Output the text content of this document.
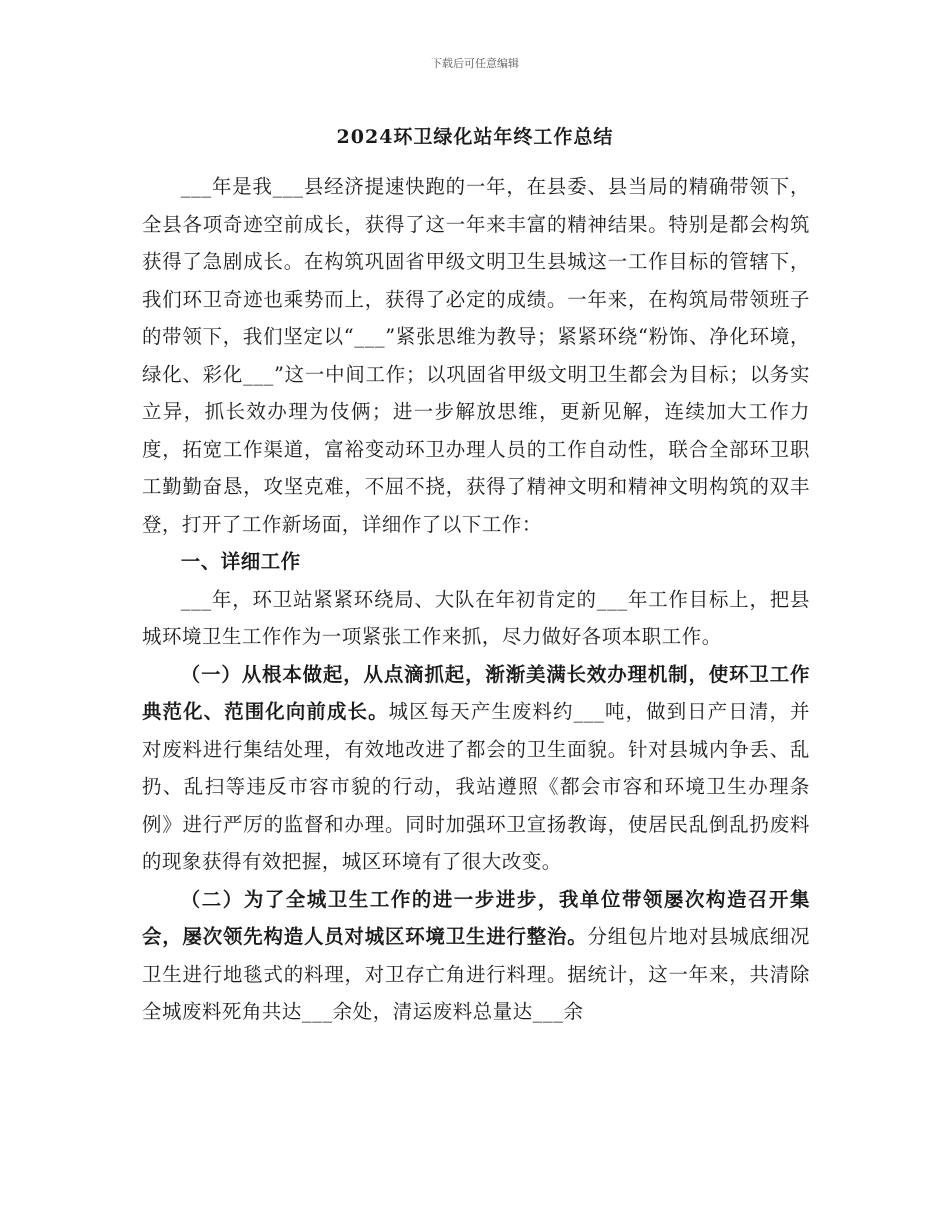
下载后可任意编辑
2024环卫绿化站年终工作总结

___年是我___县经济提速快跑的一年，在县委、县当局的精确带领下，全县各项奇迹空前成长，获得了这一年来丰富的精神结果。特别是都会构筑获得了急剧成长。在构筑巩固省甲级文明卫生县城这一工作目标的管辖下，我们环卫奇迹也乘势而上，获得了必定的成绩。一年来，在构筑局带领班子的带领下，我们坚定以“___”紧张思维为教导；紧紧环绕“粉饰、净化环境，绿化、彩化___”这一中间工作；以巩固省甲级文明卫生都会为目标；以务实立异，抓长效办理为伎俩；进一步解放思维，更新见解，连续加大工作力度，拓宽工作渠道，富裕变动环卫办理人员的工作自动性，联合全部环卫职工勤勤奋恳，攻坚克难，不屈不挠，获得了精神文明和精神文明构筑的双丰登，打开了工作新场面，详细作了以下工作：

一、详细工作

___年，环卫站紧紧环绕局、大队在年初肯定的___年工作目标上，把县城环境卫生工作作为一项紧张工作来抓，尽力做好各项本职工作。

（一）从根本做起，从点滴抓起，渐渐美满长效办理机制，使环卫工作典范化、范围化向前成长。城区每天产生废料约___吨，做到日产日清，并对废料进行集结处理，有效地改进了都会的卫生面貌。针对县城内争丢、乱扔、乱扫等违反市容市貌的行动，我站遵照《都会市容和环境卫生办理条例》进行严厉的监督和办理。同时加强环卫宣扬教诲，使居民乱倒乱扔废料的现象获得有效把握，城区环境有了很大改变。

（二）为了全城卫生工作的进一步进步，我单位带领屡次构造召开集会，屡次领先构造人员对城区环境卫生进行整治。分组包片地对县城底细况卫生进行地毯式的料理，对卫存亡角进行料理。据统计，这一年来，共清除全城废料死角共达___余处，清运废料总量达___余
